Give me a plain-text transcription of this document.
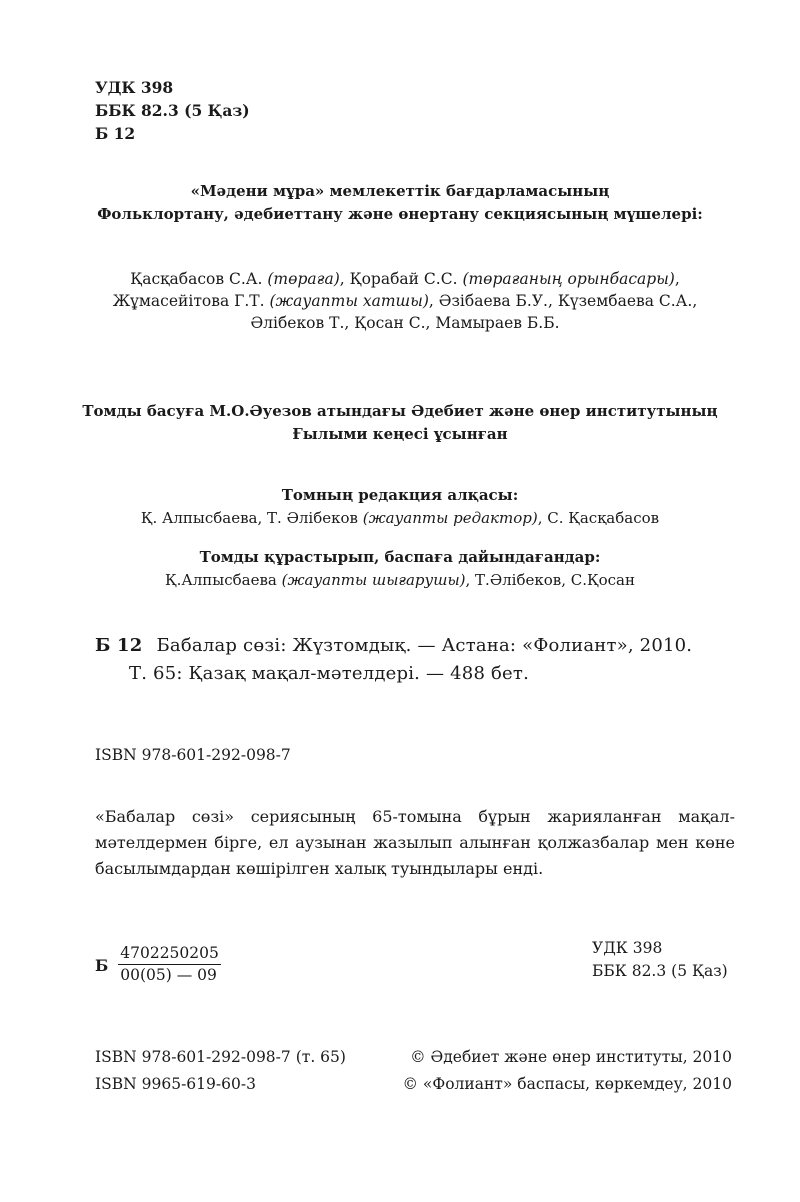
УДК 398
ББК 82.3 (5 Қаз)
Б 12
«Мәдени мұра» мемлекеттік бағдарламасының
Фольклортану, әдебиеттану және өнертану секциясының мүшелері:
Қасқабасов С.А. (төраға), Қорабай С.С. (төрағаның орынбасары),
Жұмасейітова Г.Т. (жауапты хатшы), Әзібаева Б.У., Күзембаева С.А.,
Әлібеков Т., Қосан С., Мамыраев Б.Б.
Томды басуға М.О.Әуезов атындағы Әдебиет және өнер институтының
Ғылыми кеңесі ұсынған
Томның редакция алқасы:
Қ. Алпысбаева, Т. Әлібеков (жауапты редактор), С. Қасқабасов
Томды құрастырып, баспаға дайындағандар:
Қ.Алпысбаева (жауапты шығарушы), Т.Әлібеков, С.Қосан
Б 12 Бабалар сөзі: Жүзтомдық. — Астана: «Фолиант», 2010.
Т. 65: Қазақ мақал-мәтелдері. — 488 бет.
ISBN 978-601-292-098-7
«Бабалар сөзі» сериясының 65-томына бұрын жарияланған мақал-
мәтелдермен бірге, ел аузынан жазылып алынған қолжазбалар мен көне
басылымдардан көшірілген халық туындылары енді.
Б $\frac{4702250205}{00(05) — 09}$	УДК 398
ББК 82.3 (5 Қаз)
ISBN 978-601-292-098-7 (т. 65)
ISBN 9965-619-60-3
© Әдебиет және өнер институты, 2010
© «Фолиант» баспасы, көркемдеу, 2010
